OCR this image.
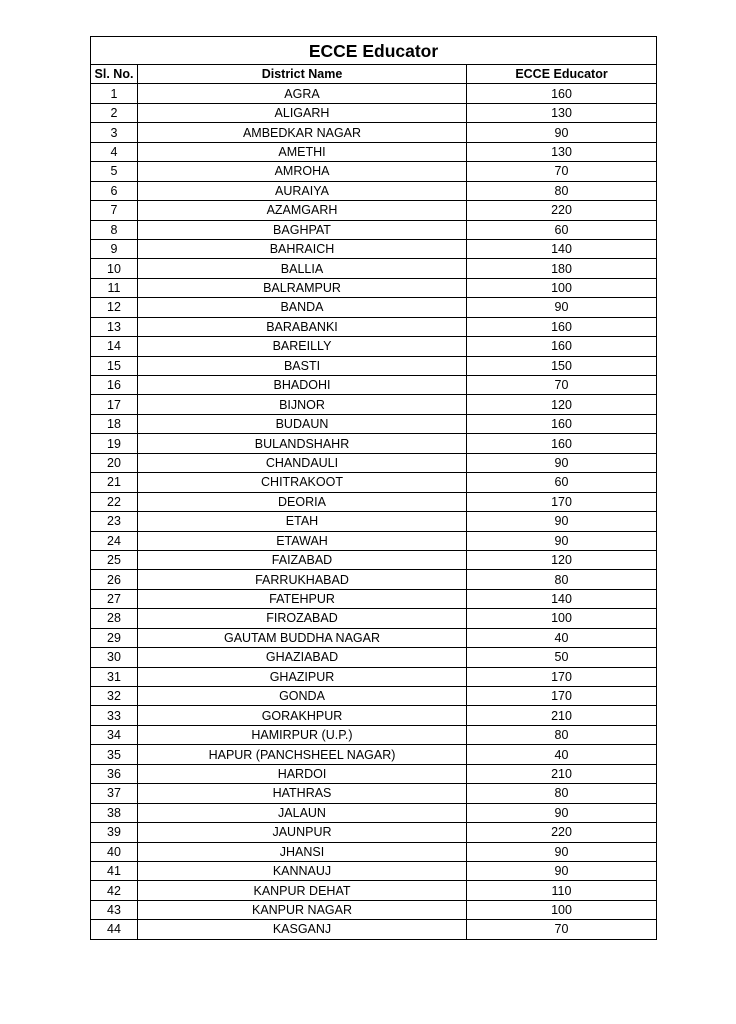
ECCE Educator		
Sl. No.	District Name	ECCE Educator
1	AGRA	160
2	ALIGARH	130
3	AMBEDKAR NAGAR	90
4	AMETHI	130
5	AMROHA	70
6	AURAIYA	80
7	AZAMGARH	220
8	BAGHPAT	60
9	BAHRAICH	140
10	BALLIA	180
11	BALRAMPUR	100
12	BANDA	90
13	BARABANKI	160
14	BAREILLY	160
15	BASTI	150
16	BHADOHI	70
17	BIJNOR	120
18	BUDAUN	160
19	BULANDSHAHR	160
20	CHANDAULI	90
21	CHITRAKOOT	60
22	DEORIA	170
23	ETAH	90
24	ETAWAH	90
25	FAIZABAD	120
26	FARRUKHABAD	80
27	FATEHPUR	140
28	FIROZABAD	100
29	GAUTAM BUDDHA NAGAR	40
30	GHAZIABAD	50
31	GHAZIPUR	170
32	GONDA	170
33	GORAKHPUR	210
34	HAMIRPUR (U.P.)	80
35	HAPUR (PANCHSHEEL NAGAR)	40
36	HARDOI	210
37	HATHRAS	80
38	JALAUN	90
39	JAUNPUR	220
40	JHANSI	90
41	KANNAUJ	90
42	KANPUR DEHAT	110
43	KANPUR NAGAR	100
44	KASGANJ	70
